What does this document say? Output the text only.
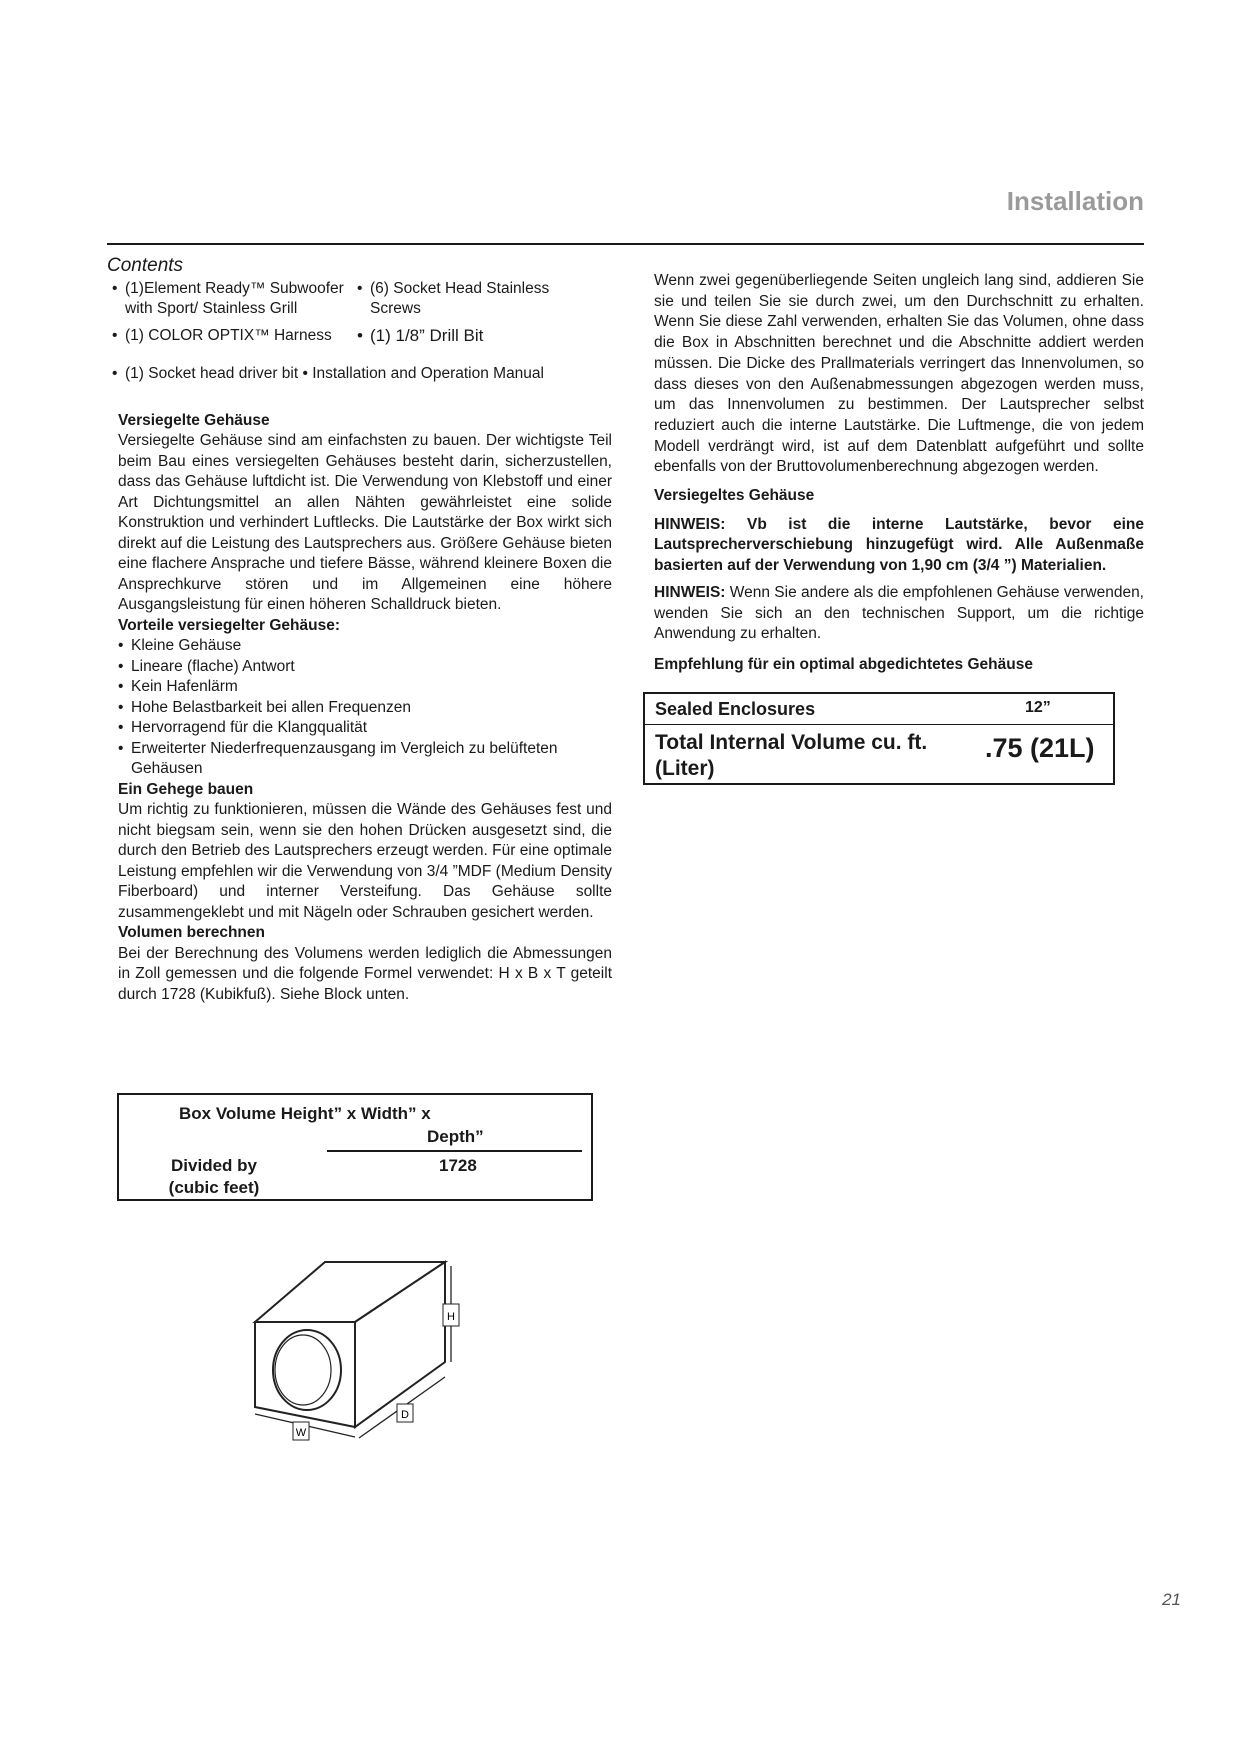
Installation
Contents
• (1)Element Ready™ Subwoofer with Sport/ Stainless Grill
• (6) Socket Head Stainless Screws
• (1) COLOR OPTIX™ Harness
•	(1) 1/8” Drill Bit
• (1) Socket head driver bit • Installation and Operation Manual
Versiegelte Gehäuse

Versiegelte Gehäuse sind am einfachsten zu bauen. Der wichtigste Teil beim Bau eines versiegelten Gehäuses besteht darin, sicherzustellen, dass das Gehäuse luftdicht ist. Die Verwendung von Klebstoff und einer Art Dichtungsmittel an allen Nähten gewährleistet eine solide Konstruktion und verhindert Luftlecks. Die Lautstärke der Box wirkt sich direkt auf die Leistung des Lautsprechers aus. Größere Gehäuse bieten eine flachere Ansprache und tiefere Bässe, während kleinere Boxen die Ansprechkurve stören und im Allgemeinen eine höhere Ausgangsleistung für einen höheren Schalldruck bieten.

Vorteile versiegelter Gehäuse:
• Kleine Gehäuse
• Lineare (flache) Antwort
• Kein Hafenlärm
• Hohe Belastbarkeit bei allen Frequenzen
• Hervorragend für die Klangqualität
• Erweiterter Niederfrequenzausgang im Vergleich zu belüfteten Gehäusen
Ein Gehege bauen

Um richtig zu funktionieren, müssen die Wände des Gehäuses fest und nicht biegsam sein, wenn sie den hohen Drücken ausgesetzt sind, die durch den Betrieb des Lautsprechers erzeugt werden. Für eine optimale Leistung empfehlen wir die Verwendung von 3/4 ”MDF (Medium Density Fiberboard) und interner Versteifung. Das Gehäuse sollte zusammengeklebt und mit Nägeln oder Schrauben gesichert werden.

Volumen berechnen

Bei der Berechnung des Volumens werden lediglich die Abmessungen in Zoll gemessen und die folgende Formel verwendet: H x B x T geteilt durch 1728 (Kubikfuß). Siehe Block unten.

Box Volume Height” x Width” x
Depth”
Divided by (cubic feet)
1728
W
D
H

Wenn zwei gegenüberliegende Seiten ungleich lang sind, addieren Sie sie und teilen Sie sie durch zwei, um den Durchschnitt zu erhalten. Wenn Sie diese Zahl verwenden, erhalten Sie das Volumen, ohne dass die Box in Abschnitten berechnet und die Abschnitte addiert werden müssen. Die Dicke des Prallmaterials verringert das Innenvolumen, so dass dieses von den Außenabmessungen abgezogen werden muss, um das Innenvolumen zu bestimmen. Der Lautsprecher selbst reduziert auch die interne Lautstärke. Die Luftmenge, die von jedem Modell verdrängt wird, ist auf dem Datenblatt aufgeführt und sollte ebenfalls von der Bruttovolumenberechnung abgezogen werden.

Versiegeltes Gehäuse

HINWEIS: Vb ist die interne Lautstärke, bevor eine Lautsprecherverschiebung hinzugefügt wird. Alle Außenmaße basierten auf der Verwendung von 1,90 cm (3/4 ”) Materialien.

HINWEIS: Wenn Sie andere als die empfohlenen Gehäuse verwenden, wenden Sie sich an den technischen Support, um die richtige Anwendung zu erhalten.

Empfehlung für ein optimal abgedichtetes Gehäuse
Sealed Enclosures	12”
Total Internal Volume cu. ft. (Liter)
.75 (21L)
21
